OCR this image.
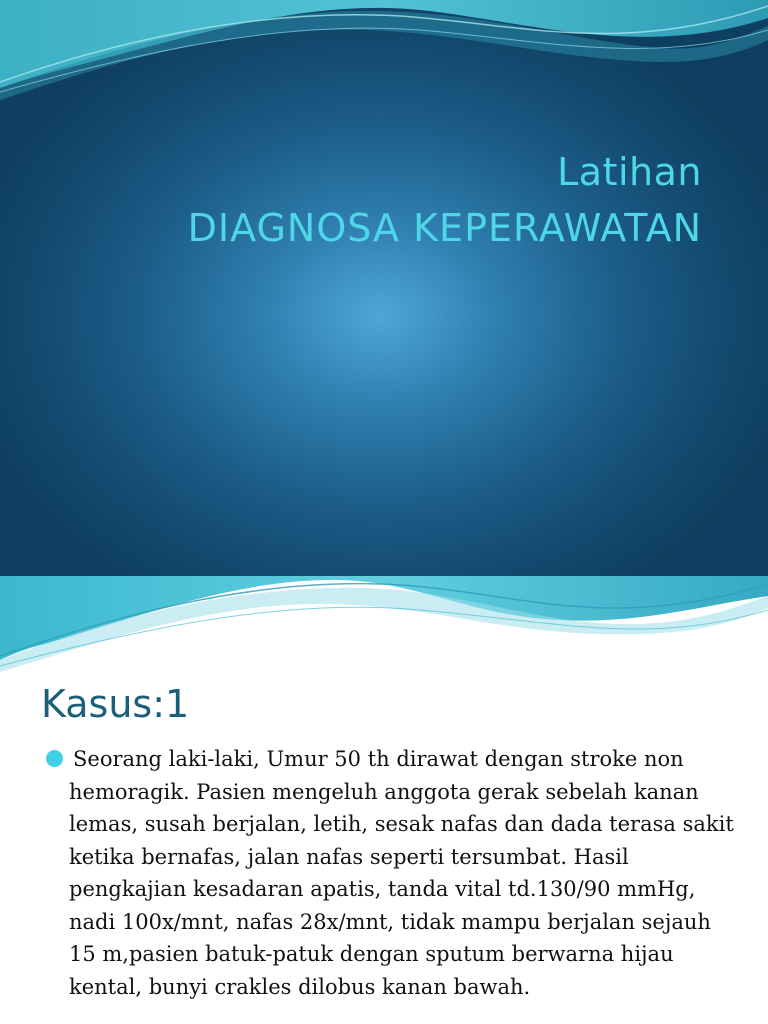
Latihan
DIAGNOSA KEPERAWATAN
Kasus:1

Seorang laki-laki, Umur 50 th dirawat dengan stroke non hemoragik. Pasien mengeluh anggota gerak sebelah kanan lemas, susah berjalan, letih, sesak nafas dan dada terasa sakit ketika bernafas, jalan nafas seperti tersumbat. Hasil pengkajian kesadaran apatis, tanda vital td.130/90 mmHg, nadi 100x/mnt, nafas 28x/mnt, tidak mampu berjalan sejauh 15 m,pasien batuk-patuk dengan sputum berwarna hijau kental, bunyi crakles dilobus kanan bawah.
